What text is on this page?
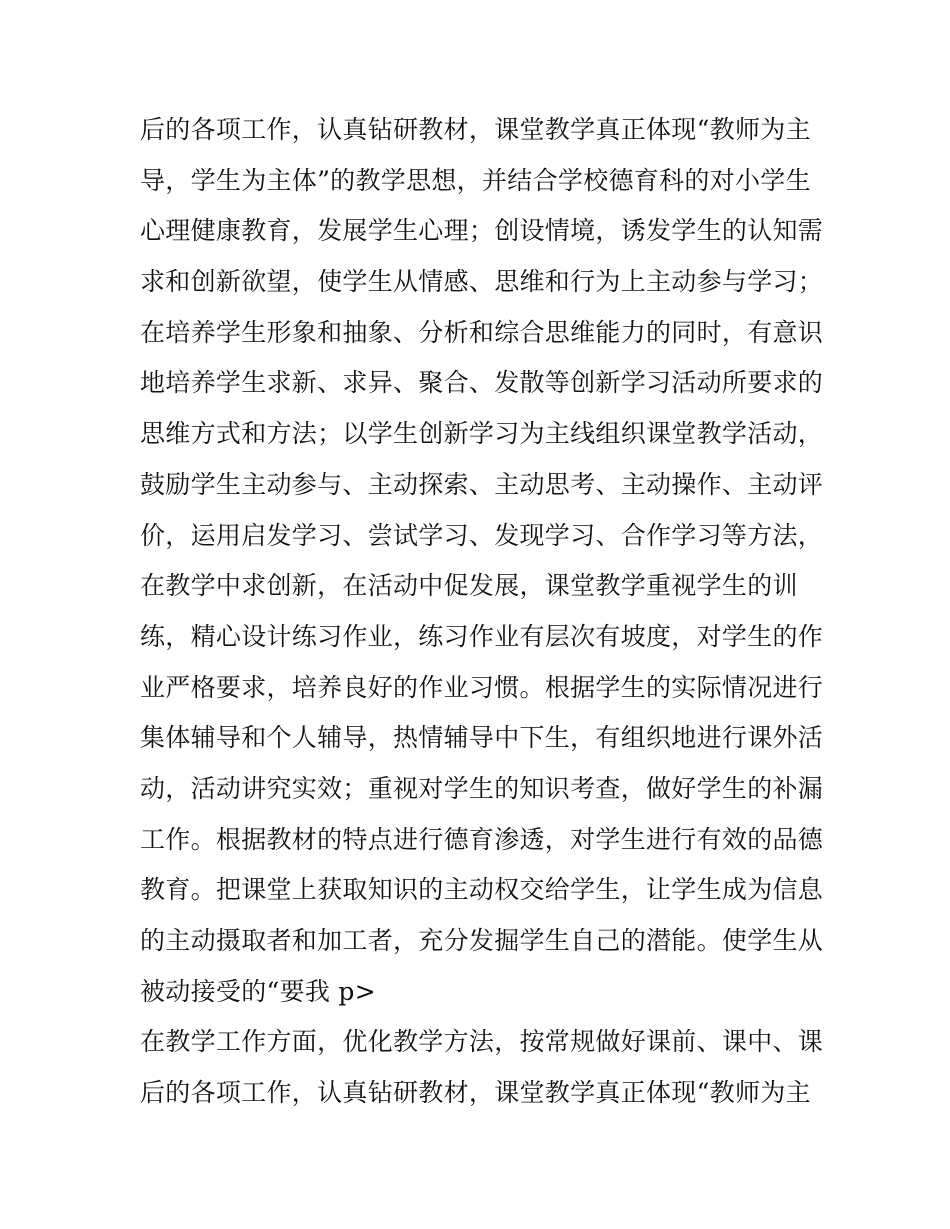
后的各项工作，认真钻研教材，课堂教学真正体现“教师为主
导，学生为主体”的教学思想，并结合学校德育科的对小学生
心理健康教育，发展学生心理；创设情境，诱发学生的认知需
求和创新欲望，使学生从情感、思维和行为上主动参与学习；
在培养学生形象和抽象、分析和综合思维能力的同时，有意识
地培养学生求新、求异、聚合、发散等创新学习活动所要求的
思维方式和方法；以学生创新学习为主线组织课堂教学活动，
鼓励学生主动参与、主动探索、主动思考、主动操作、主动评
价，运用启发学习、尝试学习、发现学习、合作学习等方法，
在教学中求创新，在活动中促发展，课堂教学重视学生的训
练，精心设计练习作业，练习作业有层次有坡度，对学生的作
业严格要求，培养良好的作业习惯。根据学生的实际情况进行
集体辅导和个人辅导，热情辅导中下生，有组织地进行课外活
动，活动讲究实效；重视对学生的知识考查，做好学生的补漏
工作。根据教材的特点进行德育渗透，对学生进行有效的品德
教育。把课堂上获取知识的主动权交给学生，让学生成为信息
的主动摄取者和加工者，充分发掘学生自己的潜能。使学生从
被动接受的“要我 p>
在教学工作方面，优化教学方法，按常规做好课前、课中、课
后的各项工作，认真钻研教材，课堂教学真正体现“教师为主
